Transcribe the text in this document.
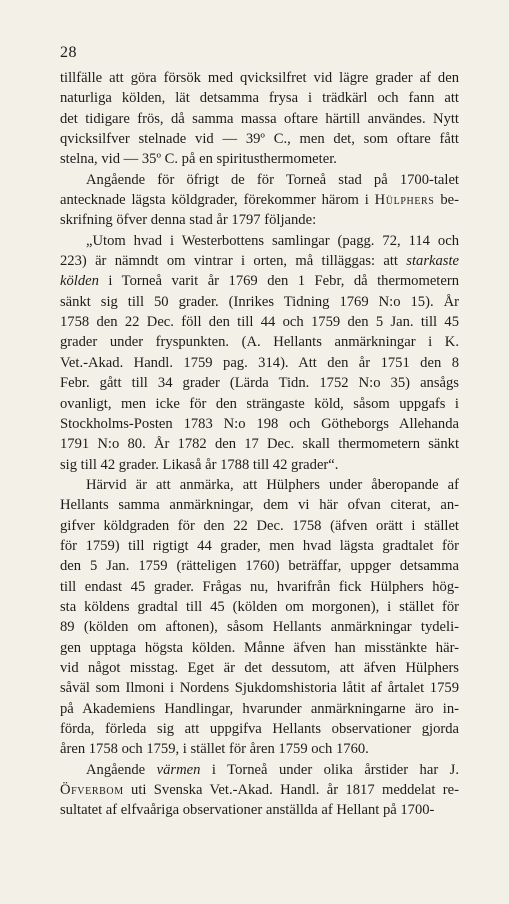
28
tillfälle att göra försök med qvicksilfret vid lägre grader af den
naturliga kölden, lät detsamma frysa i trädkärl och fann att
det tidigare frös, då samma massa oftare härtill användes. Nytt
qvicksilfver stelnade vid — 39º C., men det, som oftare fått
stelna, vid — 35º C. på en spiritusthermometer.
Angående för öfrigt de för Torneå stad på 1700-talet
antecknade lägsta köldgrader, förekommer härom i Hülphers be-
skrifning öfver denna stad år 1797 följande:
„Utom hvad i Westerbottens samlingar (pagg. 72, 114 och
223) är nämndt om vintrar i orten, må tilläggas: att starkaste
kölden i Torneå varit år 1769 den 1 Febr, då thermometern
sänkt sig till 50 grader. (Inrikes Tidning 1769 N:o 15). År
1758 den 22 Dec. föll den till 44 och 1759 den 5 Jan. till 45
grader under fryspunkten. (A. Hellants anmärkningar i K.
Vet.-Akad. Handl. 1759 pag. 314). Att den år 1751 den 8
Febr. gått till 34 grader (Lärda Tidn. 1752 N:o 35) ansågs
ovanligt, men icke för den strängaste köld, såsom uppgafs i
Stockholms-Posten 1783 N:o 198 och Götheborgs Allehanda
1791 N:o 80. År 1782 den 17 Dec. skall thermometern sänkt
sig till 42 grader. Likaså år 1788 till 42 grader“.
Härvid är att anmärka, att Hülphers under åberopande af
Hellants samma anmärkningar, dem vi här ofvan citerat, an-
gifver köldgraden för den 22 Dec. 1758 (äfven orätt i stället
för 1759) till rigtigt 44 grader, men hvad lägsta gradtalet för
den 5 Jan. 1759 (rätteligen 1760) beträffar, uppger detsamma
till endast 45 grader. Frågas nu, hvarifrån fick Hülphers hög-
sta köldens gradtal till 45 (kölden om morgonen), i stället för
89 (kölden om aftonen), såsom Hellants anmärkningar tydeli-
gen upptaga högsta kölden. Månne äfven han misstänkte här-
vid något misstag. Eget är det dessutom, att äfven Hülphers
såväl som Ilmoni i Nordens Sjukdomshistoria låtit af årtalet 1759
på Akademiens Handlingar, hvarunder anmärkningarne äro in-
förda, förleda sig att uppgifva Hellants observationer gjorda
åren 1758 och 1759, i stället för åren 1759 och 1760.
Angående värmen i Torneå under olika årstider har J.
Öfverbom uti Svenska Vet.-Akad. Handl. år 1817 meddelat re-
sultatet af elfvaåriga observationer anställda af Hellant på 1700-
